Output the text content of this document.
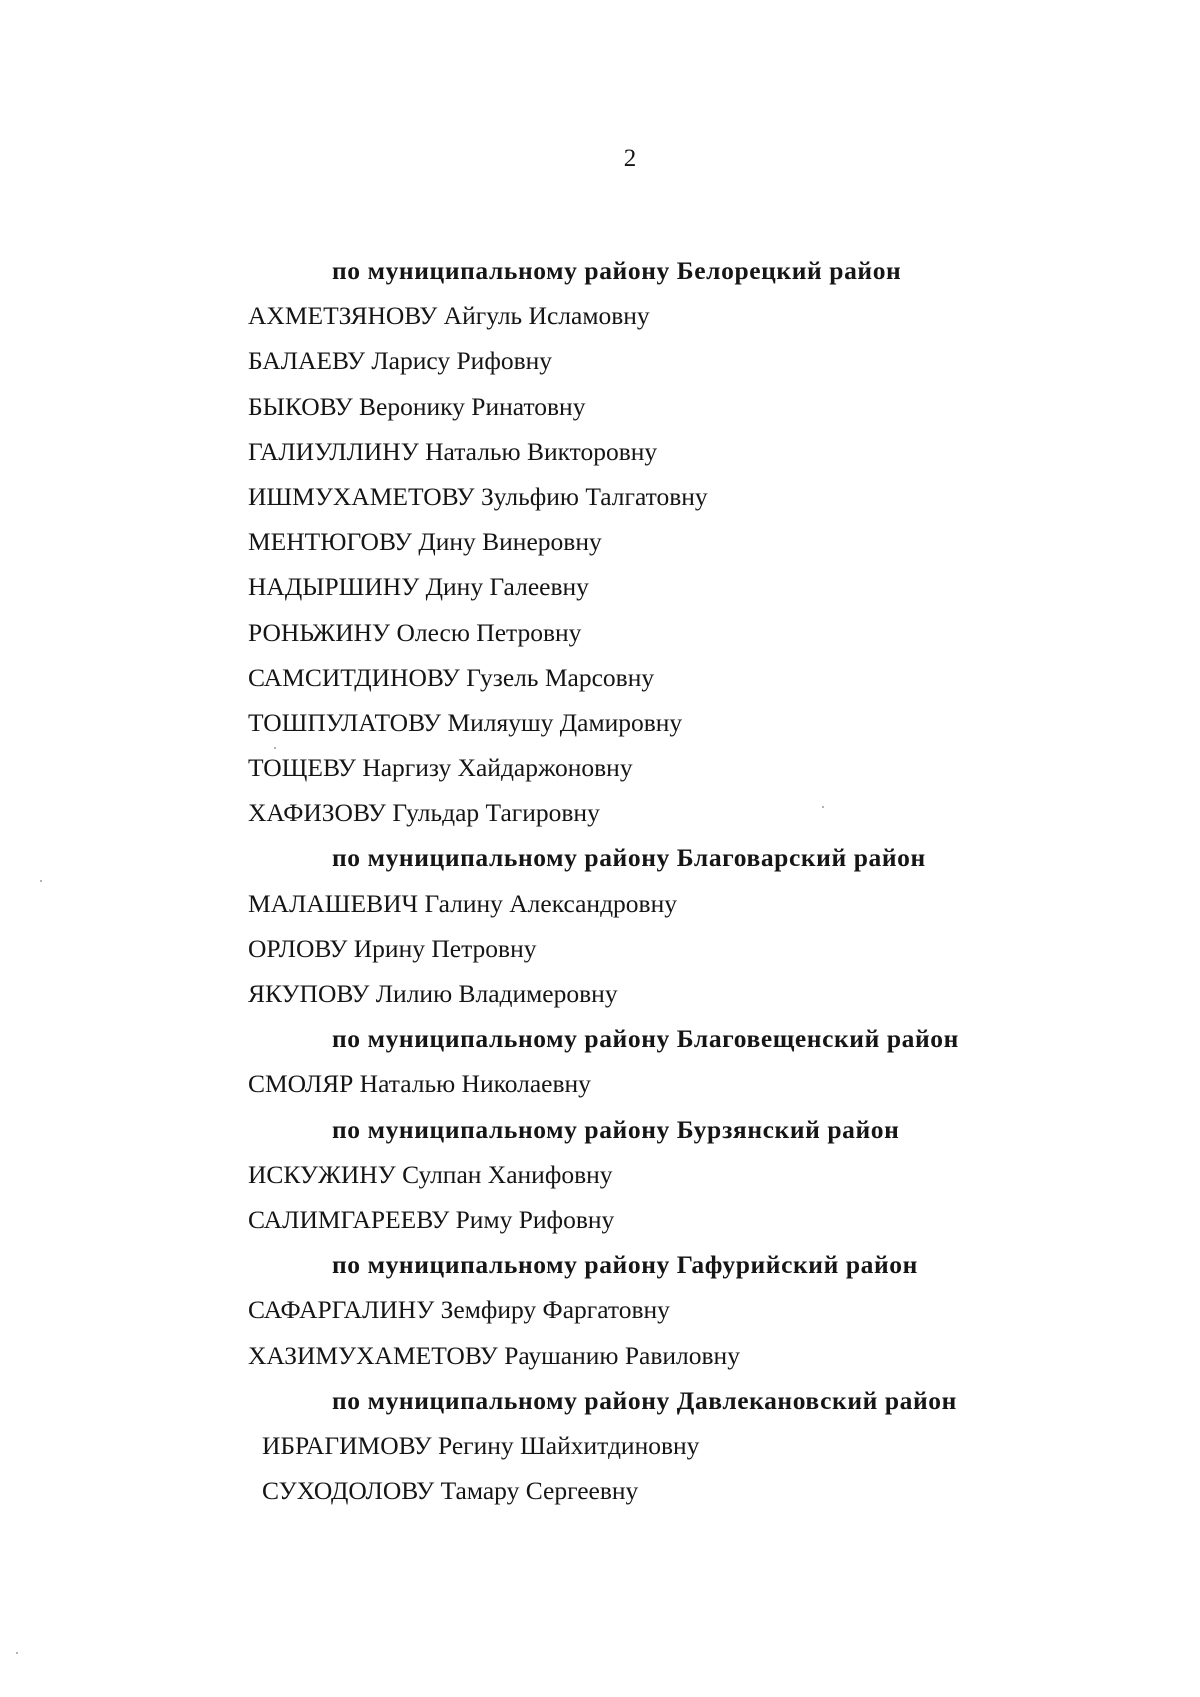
2
по муниципальному району Белорецкий район
АХМЕТЗЯНОВУ Айгуль Исламовну
БАЛАЕВУ Ларису Рифовну
БЫКОВУ Веронику Ринатовну
ГАЛИУЛЛИНУ Наталью Викторовну
ИШМУХАМЕТОВУ Зульфию Талгатовну
МЕНТЮГОВУ Дину Винеровну
НАДЫРШИНУ Дину Галеевну
РОНЬЖИНУ Олесю Петровну
САМСИТДИНОВУ Гузель Марсовну
ТОШПУЛАТОВУ Миляушу Дамировну
ТОЩЕВУ Наргизу Хайдаржоновну
ХАФИЗОВУ Гульдар Тагировну
по муниципальному району Благоварский район
МАЛАШЕВИЧ Галину Александровну
ОРЛОВУ Ирину Петровну
ЯКУПОВУ Лилию Владимеровну
по муниципальному району Благовещенский район
СМОЛЯР Наталью Николаевну
по муниципальному району Бурзянский район
ИСКУЖИНУ Сулпан Ханифовну
САЛИМГАРЕЕВУ Риму Рифовну
по муниципальному району Гафурийский район
САФАРГАЛИНУ Земфиру Фаргатовну
ХАЗИМУХАМЕТОВУ Раушанию Равиловну
по муниципальному району Давлекановский район
ИБРАГИМОВУ Регину Шайхитдиновну
СУХОДОЛОВУ Тамару Сергеевну
